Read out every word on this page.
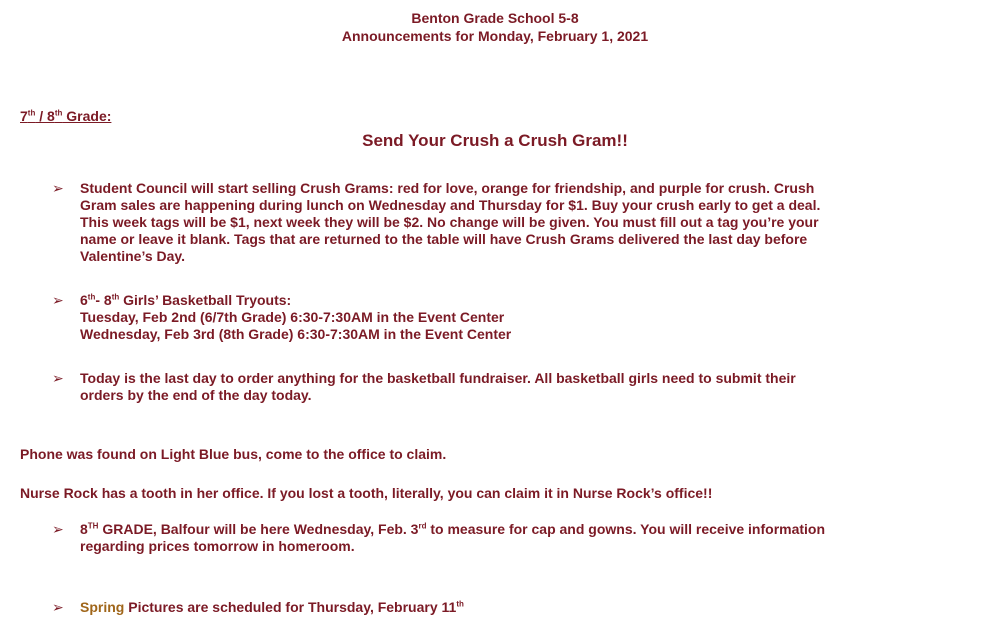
Benton Grade School 5-8
Announcements for Monday, February 1, 2021
7th / 8th Grade:
Send Your Crush a Crush Gram!!
➢ Student Council will start selling Crush Grams: red for love, orange for friendship, and purple for crush. Crush
Gram sales are happening during lunch on Wednesday and Thursday for $1. Buy your crush early to get a deal.
This week tags will be $1, next week they will be $2. No change will be given. You must fill out a tag you’re your
name or leave it blank. Tags that are returned to the table will have Crush Grams delivered the last day before
Valentine’s Day.
➢ 6th- 8th Girls’ Basketball Tryouts:
Tuesday, Feb 2nd (6/7th Grade) 6:30-7:30AM in the Event Center
Wednesday, Feb 3rd (8th Grade) 6:30-7:30AM in the Event Center
➢ Today is the last day to order anything for the basketball fundraiser. All basketball girls need to submit their
orders by the end of the day today.
Phone was found on Light Blue bus, come to the office to claim.
Nurse Rock has a tooth in her office. If you lost a tooth, literally, you can claim it in Nurse Rock’s office!!
➢ 8TH GRADE, Balfour will be here Wednesday, Feb. 3rd to measure for cap and gowns. You will receive information
regarding prices tomorrow in homeroom.
➢ Spring Pictures are scheduled for Thursday, February 11th
